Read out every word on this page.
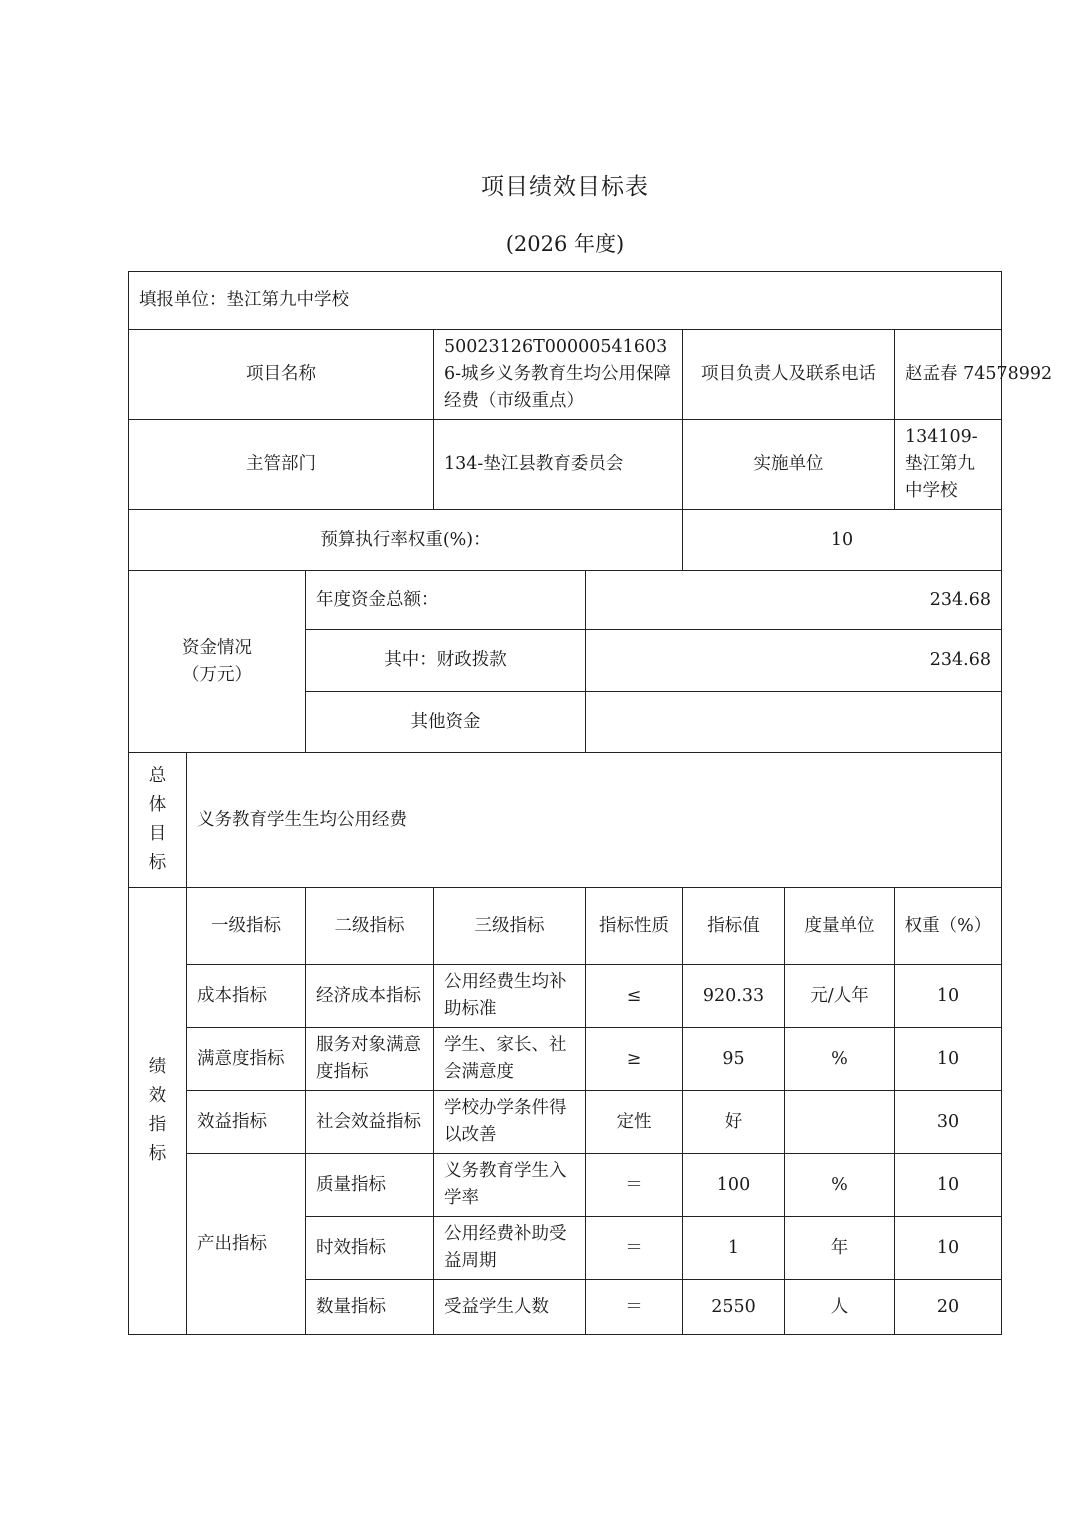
项目绩效目标表
(2026 年度)
填报单位：垫江第九中学校							
项目名称			50023126T000005416036-城乡义务教育生均公用保障经费（市级重点）		项目负责人及联系电话		赵孟春 74578992
主管部门			134-垫江县教育委员会		实施单位		134109-垫江第九中学校
预算执行率权重(%)：					10		
资金情况（万元）		年度资金总额：		234.68			
		其中：财政拨款		234.68			
		其他资金					

总体目标	义务教育学生生均公用经费						

绩效指标	一级指标	二级指标	三级指标	指标性质	指标值	度量单位	权重（%）
	成本指标	经济成本指标	公用经费生均补助标准	≤	920.33	元/人年	10
	满意度指标	服务对象满意度指标	学生、家长、社会满意度	≥	95	%	10
	效益指标	社会效益指标	学校办学条件得以改善	定性	好		30
	产出指标	质量指标	义务教育学生入学率	＝	100	%	10
		时效指标	公用经费补助受益周期	＝	1	年	10
		数量指标	受益学生人数	＝	2550	人	20
